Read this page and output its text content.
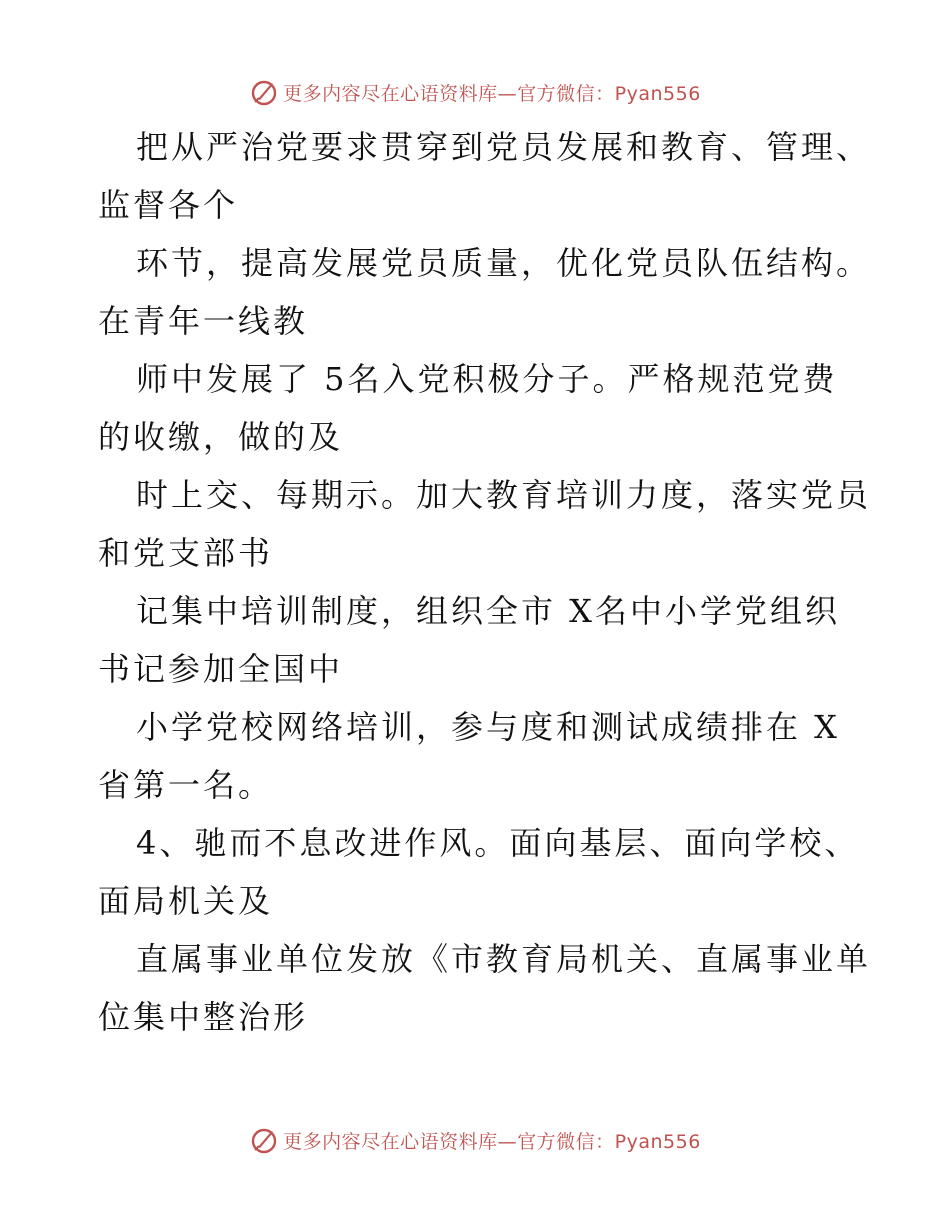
更多内容尽在心语资料库—官方微信：Pyan556
把从严治党要求贯穿到党员发展和教育、管理、
监督各个
环节，提高发展党员质量，优化党员队伍结构。
在青年一线教
师中发展了 5名入党积极分子。严格规范党费
的收缴，做的及
时上交、每期示。加大教育培训力度，落实党员
和党支部书
记集中培训制度，组织全市 X名中小学党组织
书记参加全国中
小学党校网络培训，参与度和测试成绩排在 X
省第一名。
4、驰而不息改进作风。面向基层、面向学校、
面局机关及
直属事业单位发放《市教育局机关、直属事业单
位集中整治形
更多内容尽在心语资料库—官方微信：Pyan556
